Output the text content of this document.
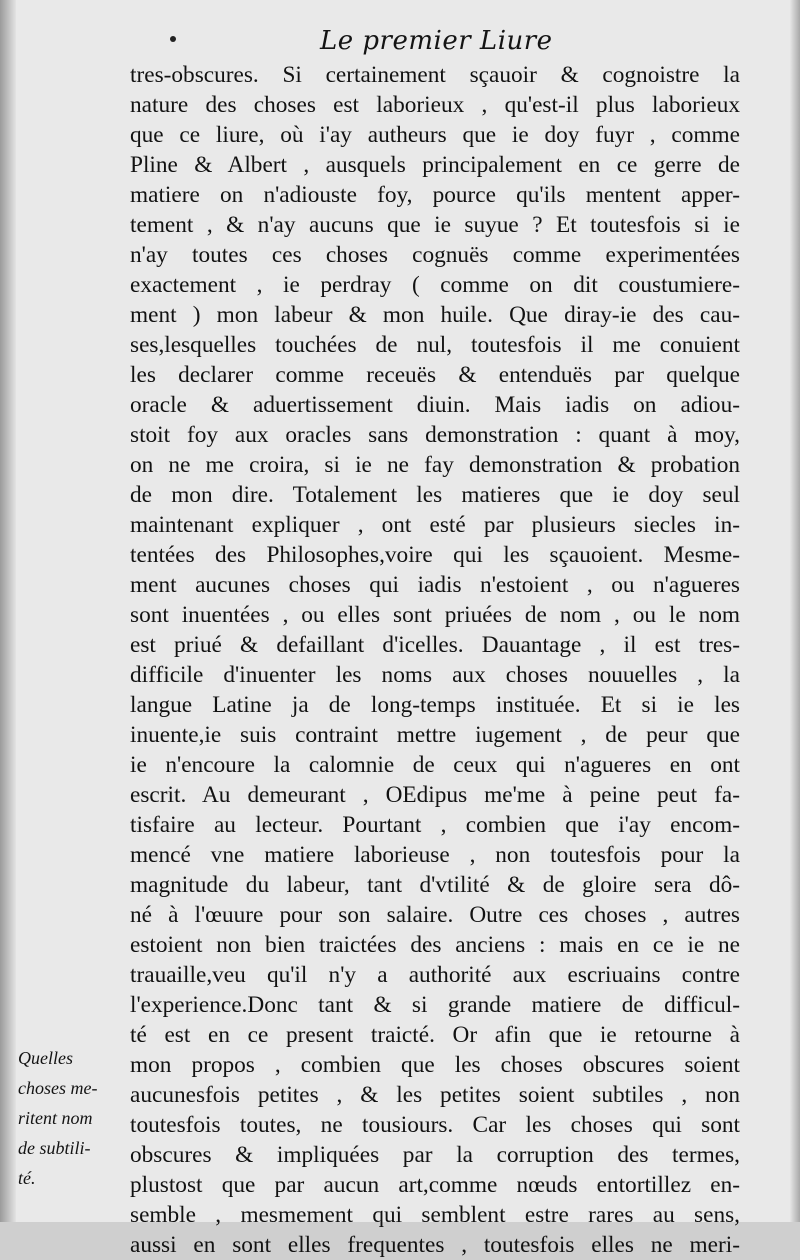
Le premier Liure
tres-obscures. Si certainement sçauoir & cognoistre la
nature des choses est laborieux , qu'est-il plus laborieux
que ce liure, où i'ay autheurs que ie doy fuyr , comme
Pline & Albert , ausquels principalement en ce gerre de
matiere on n'adiouste foy, pource qu'ils mentent apper-
tement , & n'ay aucuns que ie suyue ? Et toutesfois si ie
n'ay toutes ces choses cognuës comme experimentées
exactement , ie perdray ( comme on dit coustumiere-
ment ) mon labeur & mon huile. Que diray-ie des cau-
ses,lesquelles touchées de nul, toutesfois il me conuient
les declarer comme receuës & entenduës par quelque
oracle & aduertissement diuin. Mais iadis on adiou-
stoit foy aux oracles sans demonstration : quant à moy,
on ne me croira, si ie ne fay demonstration & probation
de mon dire. Totalement les matieres que ie doy seul
maintenant expliquer , ont esté par plusieurs siecles in-
tentées des Philosophes,voire qui les sçauoient. Mesme-
ment aucunes choses qui iadis n'estoient , ou n'agueres
sont inuentées , ou elles sont priuées de nom , ou le nom
est priué & defaillant d'icelles. Dauantage , il est tres-
difficile d'inuenter les noms aux choses nouuelles , la
langue Latine ja de long-temps instituée. Et si ie les
inuente,ie suis contraint mettre iugement , de peur que
ie n'encoure la calomnie de ceux qui n'agueres en ont
escrit. Au demeurant , OEdipus me'me à peine peut fa-
tisfaire au lecteur. Pourtant , combien que i'ay encom-
mencé vne matiere laborieuse , non toutesfois pour la
magnitude du labeur, tant d'vtilité & de gloire sera dô-
né à l'œuure pour son salaire. Outre ces choses , autres
estoient non bien traictées des anciens : mais en ce ie ne
trauaille,veu qu'il n'y a authorité aux escriuains contre
l'experience.Donc tant & si grande matiere de difficul-
té est en ce present traicté. Or afin que ie retourne à
mon propos , combien que les choses obscures soient
aucunesfois petites , & les petites soient subtiles , non
toutesfois toutes, ne tousiours. Car les choses qui sont
obscures & impliquées par la corruption des termes,
plustost que par aucun art,comme nœuds entortillez en-
semble , mesmement qui semblent estre rares au sens,
aussi en sont elles frequentes , toutesfois elles ne meri-
Quelles
choses me-
ritent nom
de subtili-
té.
